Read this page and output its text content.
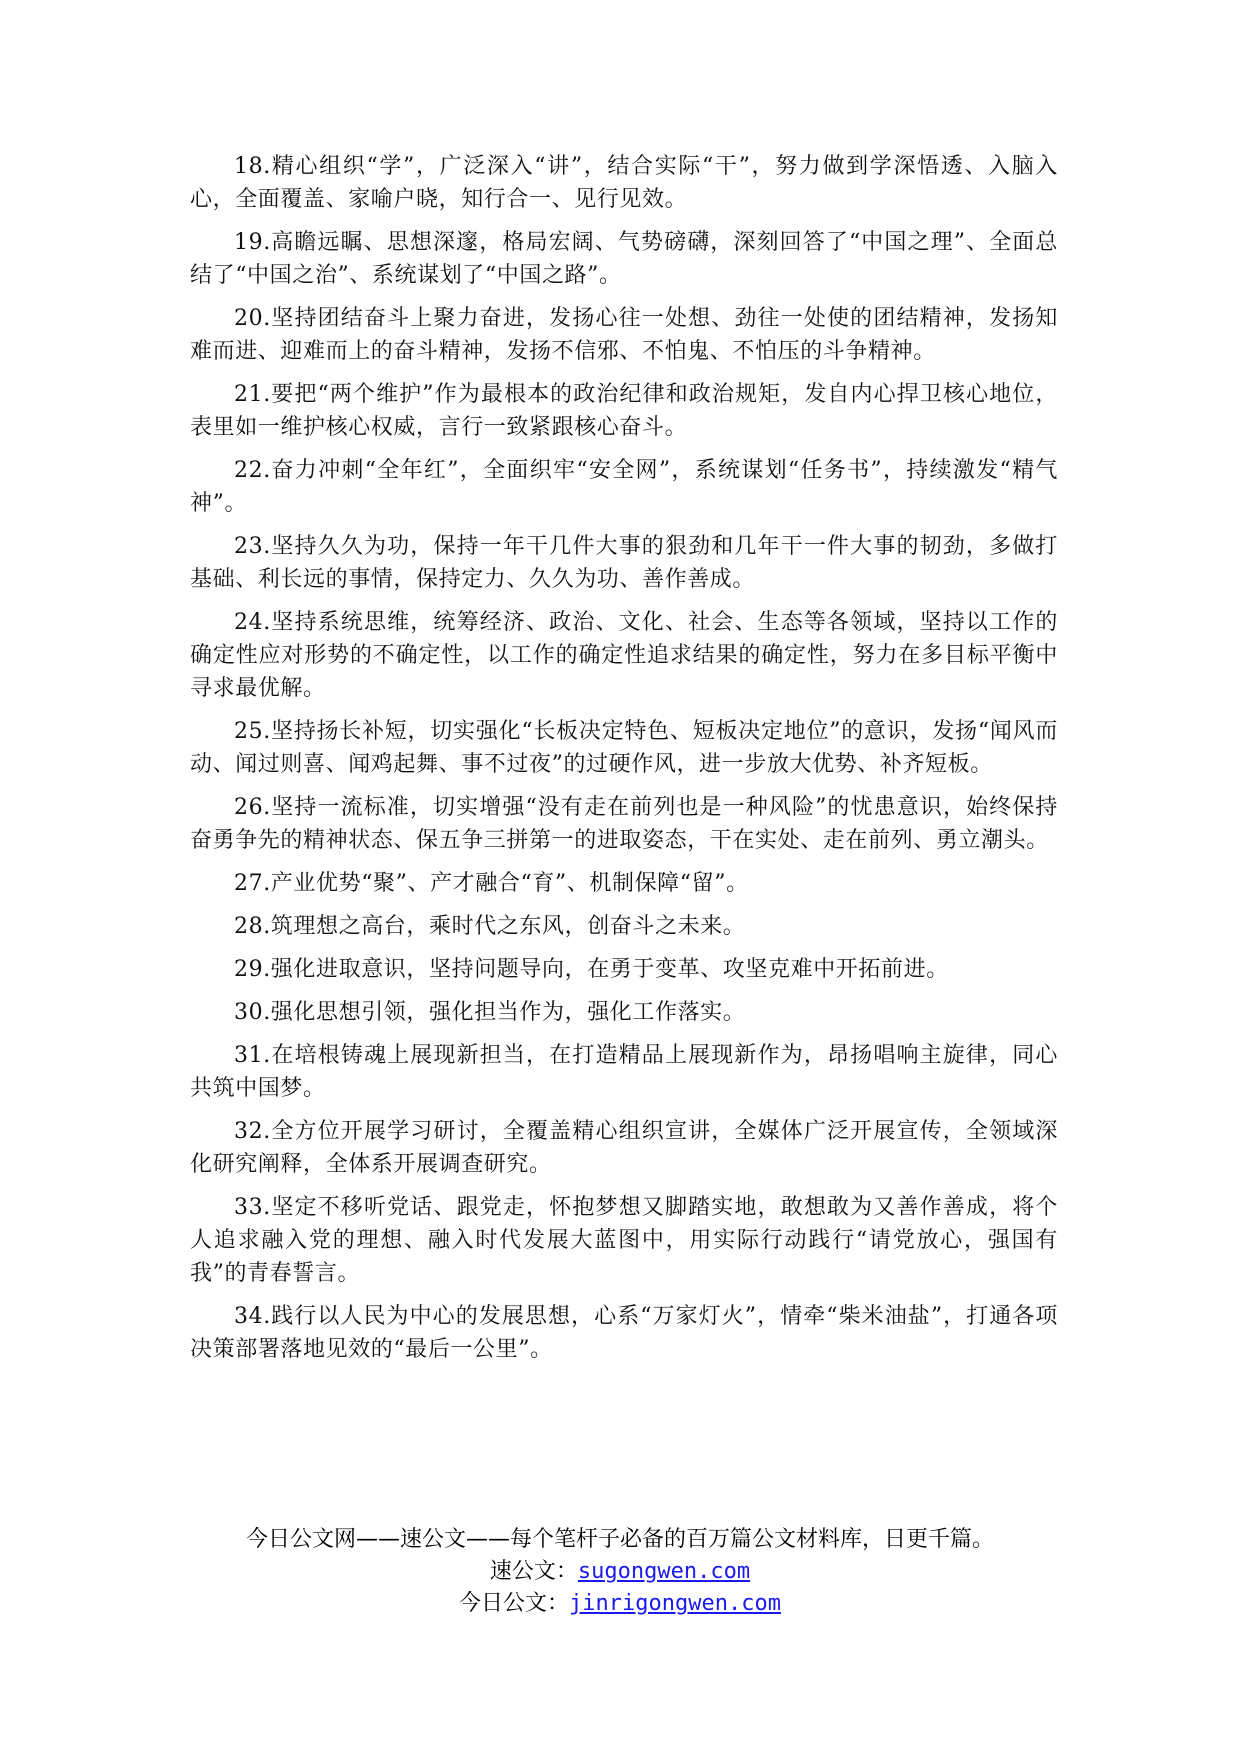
18.精心组织“学”，广泛深入“讲”，结合实际“干”，努力做到学深悟透、入脑入心，全面覆盖、家喻户晓，知行合一、见行见效。

19.高瞻远瞩、思想深邃，格局宏阔、气势磅礴，深刻回答了“中国之理”、全面总结了“中国之治”、系统谋划了“中国之路”。

20.坚持团结奋斗上聚力奋进，发扬心往一处想、劲往一处使的团结精神，发扬知难而进、迎难而上的奋斗精神，发扬不信邪、不怕鬼、不怕压的斗争精神。

21.要把“两个维护”作为最根本的政治纪律和政治规矩，发自内心捍卫核心地位，表里如一维护核心权威，言行一致紧跟核心奋斗。

22.奋力冲刺“全年红”，全面织牢“安全网”，系统谋划“任务书”，持续激发“精气神”。

23.坚持久久为功，保持一年干几件大事的狠劲和几年干一件大事的韧劲，多做打基础、利长远的事情，保持定力、久久为功、善作善成。

24.坚持系统思维，统筹经济、政治、文化、社会、生态等各领域，坚持以工作的确定性应对形势的不确定性，以工作的确定性追求结果的确定性，努力在多目标平衡中寻求最优解。

25.坚持扬长补短，切实强化“长板决定特色、短板决定地位”的意识，发扬“闻风而动、闻过则喜、闻鸡起舞、事不过夜”的过硬作风，进一步放大优势、补齐短板。

26.坚持一流标准，切实增强“没有走在前列也是一种风险”的忧患意识，始终保持奋勇争先的精神状态、保五争三拼第一的进取姿态，干在实处、走在前列、勇立潮头。

27.产业优势“聚”、产才融合“育”、机制保障“留”。

28.筑理想之高台，乘时代之东风，创奋斗之未来。

29.强化进取意识，坚持问题导向，在勇于变革、攻坚克难中开拓前进。

30.强化思想引领，强化担当作为，强化工作落实。

31.在培根铸魂上展现新担当，在打造精品上展现新作为，昂扬唱响主旋律，同心共筑中国梦。

32.全方位开展学习研讨，全覆盖精心组织宣讲，全媒体广泛开展宣传，全领域深化研究阐释，全体系开展调查研究。

33.坚定不移听党话、跟党走，怀抱梦想又脚踏实地，敢想敢为又善作善成，将个人追求融入党的理想、融入时代发展大蓝图中，用实际行动践行“请党放心，强国有我”的青春誓言。

34.践行以人民为中心的发展思想，心系“万家灯火”，情牵“柴米油盐”，打通各项决策部署落地见效的“最后一公里”。

今日公文网——速公文——每个笔杆子必备的百万篇公文材料库，日更千篇。
速公文：sugongwen.com
今日公文：jinrigongwen.com
